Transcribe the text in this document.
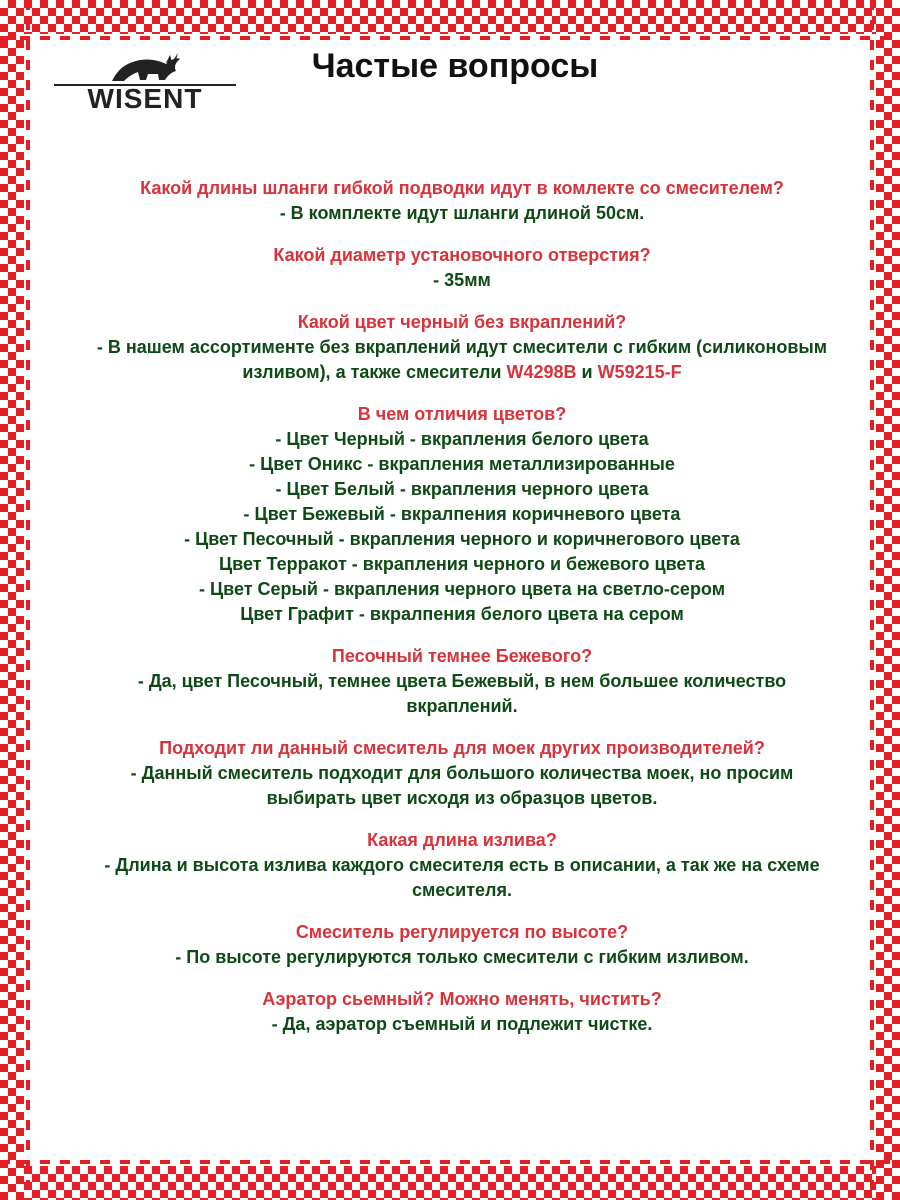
WISENT
Частые вопросы
Какой длины шланги гибкой подводки идут в комлекте со смесителем?
- В комплекте идут шланги длиной 50см.
Какой диаметр установочного отверстия?
- 35мм
Какой цвет черный без вкраплений?
- В нашем ассортименте без вкраплений идут смесители с гибким (силиконовым
изливом), а также смесители W4298B и W59215-F
В чем отличия цветов?
- Цвет Черный - вкрапления белого цвета
- Цвет Оникс - вкрапления металлизированные
- Цвет Белый - вкрапления черного цвета
- Цвет Бежевый - вкралпения коричневого цвета
- Цвет Песочный - вкрапления черного и коричнегового цвета
Цвет Терракот - вкрапления черного и бежевого цвета
- Цвет Серый - вкрапления черного цвета на светло-сером
Цвет Графит - вкралпения белого цвета на сером
Песочный темнее Бежевого?
- Да, цвет Песочный, темнее цвета Бежевый, в нем большее количество
вкраплений.
Подходит ли данный смеситель для моек других производителей?
- Данный смеситель подходит для большого количества моек, но просим
выбирать цвет исходя из образцов цветов.
Какая длина излива?
- Длина и высота излива каждого смесителя есть в описании, а так же на схеме
смесителя.
Смеситель регулируется по высоте?
- По высоте регулируются только смесители с гибким изливом.
Аэратор сьемный? Можно менять, чистить?
- Да, аэратор съемный и подлежит чистке.
